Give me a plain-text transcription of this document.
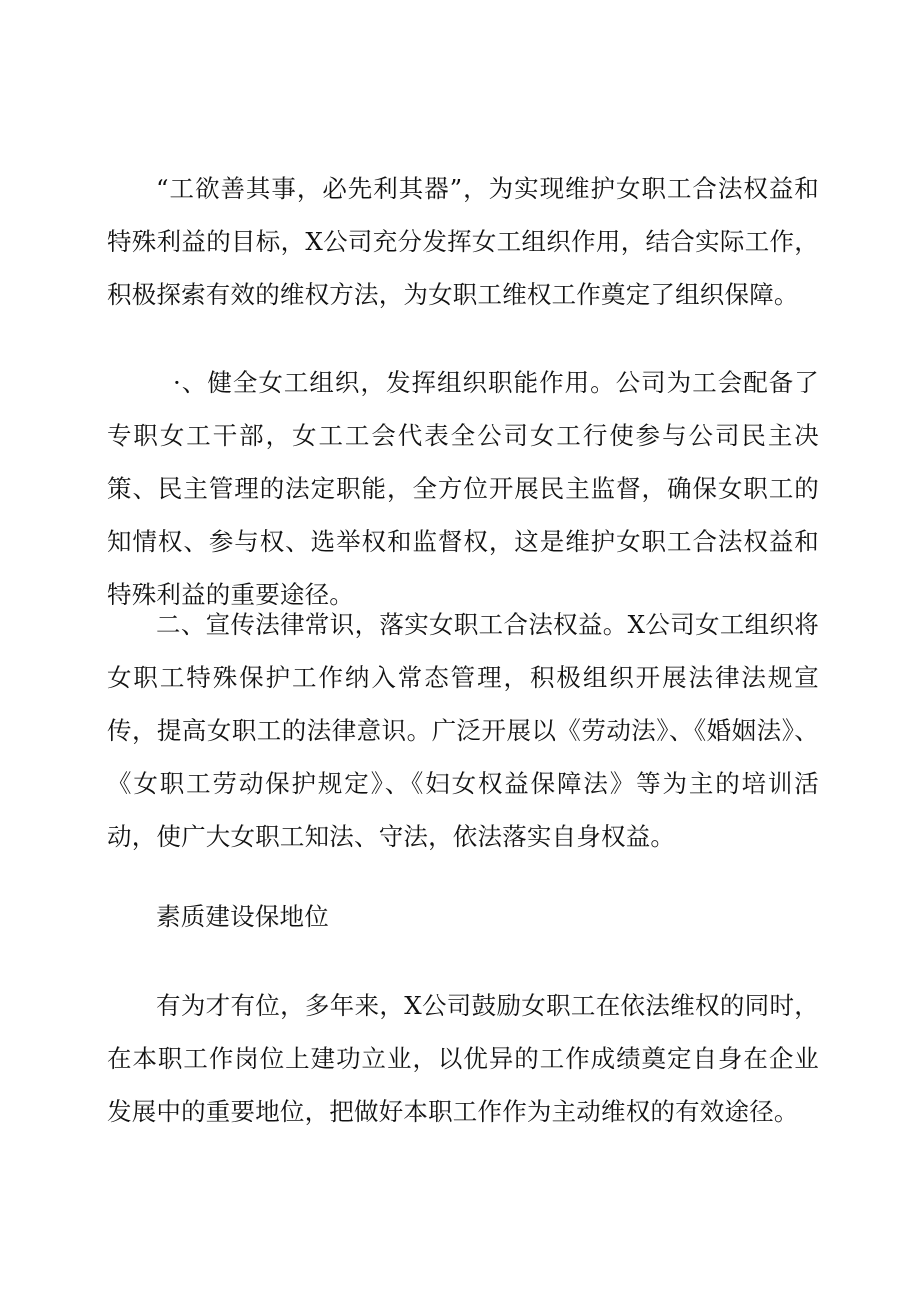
“工欲善其事，必先利其器”，为实现维护女职工合法权益和特殊利益的目标，X公司充分发挥女工组织作用，结合实际工作，积极探索有效的维权方法，为女职工维权工作奠定了组织保障。

·、健全女工组织，发挥组织职能作用。公司为工会配备了专职女工干部，女工工会代表全公司女工行使参与公司民主决策、民主管理的法定职能，全方位开展民主监督，确保女职工的知情权、参与权、选举权和监督权，这是维护女职工合法权益和特殊利益的重要途径。

二、宣传法律常识，落实女职工合法权益。X公司女工组织将女职工特殊保护工作纳入常态管理，积极组织开展法律法规宣传，提高女职工的法律意识。广泛开展以《劳动法》、《婚姻法》、《女职工劳动保护规定》、《妇女权益保障法》等为主的培训活动，使广大女职工知法、守法，依法落实自身权益。

素质建设保地位

有为才有位，多年来，X公司鼓励女职工在依法维权的同时，在本职工作岗位上建功立业，以优异的工作成绩奠定自身在企业发展中的重要地位，把做好本职工作作为主动维权的有效途径。
